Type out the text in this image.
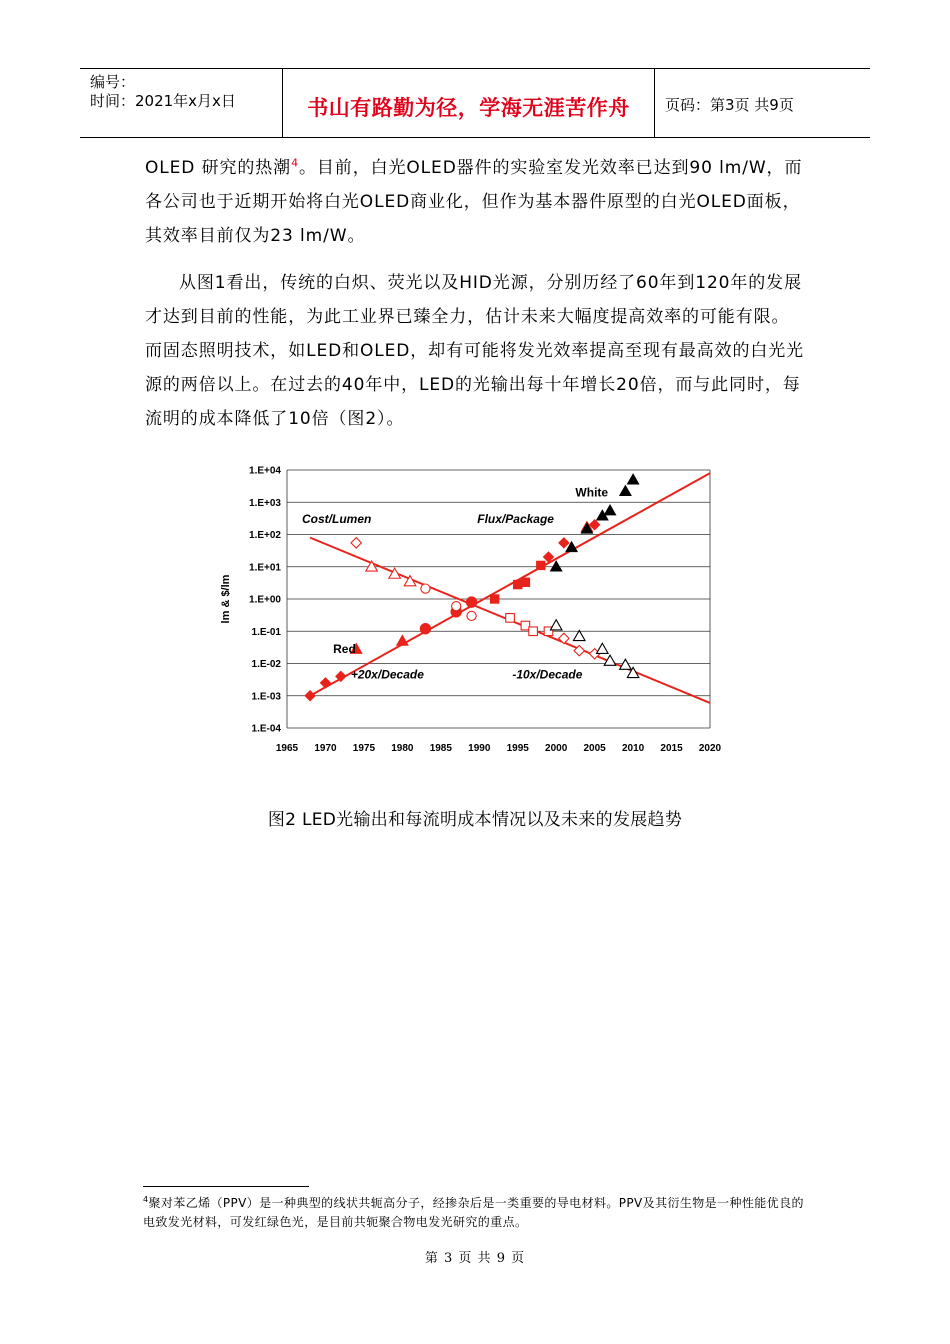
编号：
时间：2021年x月x日	书山有路勤为径，学海无涯苦作舟	页码：第3页 共9页
OLED 研究的热潮$^4$。目前，白光OLED器件的实验室发光效率已达到90 lm/W，而各公司也于近期开始将白光OLED商业化，但作为基本器件原型的白光OLED面板，其效率目前仅为23 lm/W。
从图1看出，传统的白炽、荧光以及HID光源，分别历经了60年到120年的发展才达到目前的性能，为此工业界已臻全力，估计未来大幅度提高效率的可能有限。而固态照明技术，如LED和OLED，却有可能将发光效率提高至现有最高效的白光光源的两倍以上。在过去的40年中，LED的光输出每十年增长20倍，而与此同时，每流明的成本降低了10倍（图2）。
1.E-04
1.E-03
1.E-02
1.E-01
1.E+00
1.E+01
1.E+02
1.E+03
1.E+04
1965 1970 1975 1980 1985 1990 1995 2000 2005 2010 2015 2020
lm & $/lm
Cost/Lumen	Flux/Package
White
Red
+20x/Decade	-10x/Decade
图2 LED光输出和每流明成本情况以及未来的发展趋势
$^4$聚对苯乙烯（PPV）是一种典型的线状共轭高分子，经掺杂后是一类重要的导电材料。PPV及其衍生物是一种性能优良的电致发光材料，可发红绿色光，是目前共轭聚合物电发光研究的重点。
第 3 页 共 9 页
